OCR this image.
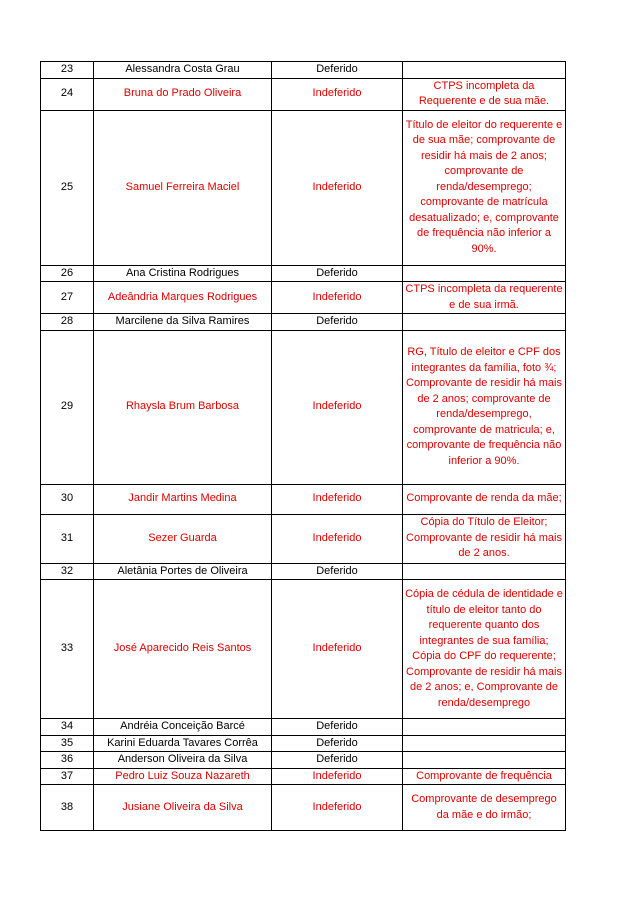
23	Alessandra Costa Grau	Deferido	
24	Bruna do Prado Oliveira	Indeferido	CTPS incompleta da Requerente e de sua mãe.
25	Samuel Ferreira Maciel	Indeferido	Título de eleitor do requerente e de sua mãe; comprovante de residir há mais de 2 anos; comprovante de renda/desemprego; comprovante de matrícula desatualizado; e, comprovante de frequência não inferior a 90%.
26	Ana Cristina Rodrigues	Deferido	
27	Adeândria Marques Rodrigues	Indeferido	CTPS incompleta da requerente e de sua irmã.
28	Marcilene da Silva Ramires	Deferido	
29	Rhaysla Brum Barbosa	Indeferido	RG, Título de eleitor e CPF dos integrantes da família, foto ¾; Comprovante de residir há mais de 2 anos; comprovante de renda/desemprego, comprovante de matricula; e, comprovante de frequência não inferior a 90%.
30	Jandir Martins Medina	Indeferido	Comprovante de renda da mãe;
31	Sezer Guarda	Indeferido	Cópia do Título de Eleitor; Comprovante de residir há mais de 2 anos.
32	Aletânia Portes de Oliveira	Deferido	
33	José Aparecido Reis Santos	Indeferido	Cópia de cédula de identidade e título de eleitor tanto do requerente quanto dos integrantes de sua família; Cópia do CPF do requerente; Comprovante de residir há mais de 2 anos; e, Comprovante de renda/desemprego
34	Andréia Conceição Barcé	Deferido	
35	Karini Eduarda Tavares Corrêa	Deferido	
36	Anderson Oliveira da Silva	Deferido	
37	Pedro Luiz Souza Nazareth	Indeferido	Comprovante de frequência
38	Jusiane Oliveira da Silva	Indeferido	Comprovante de desemprego da mãe e do irmão;
